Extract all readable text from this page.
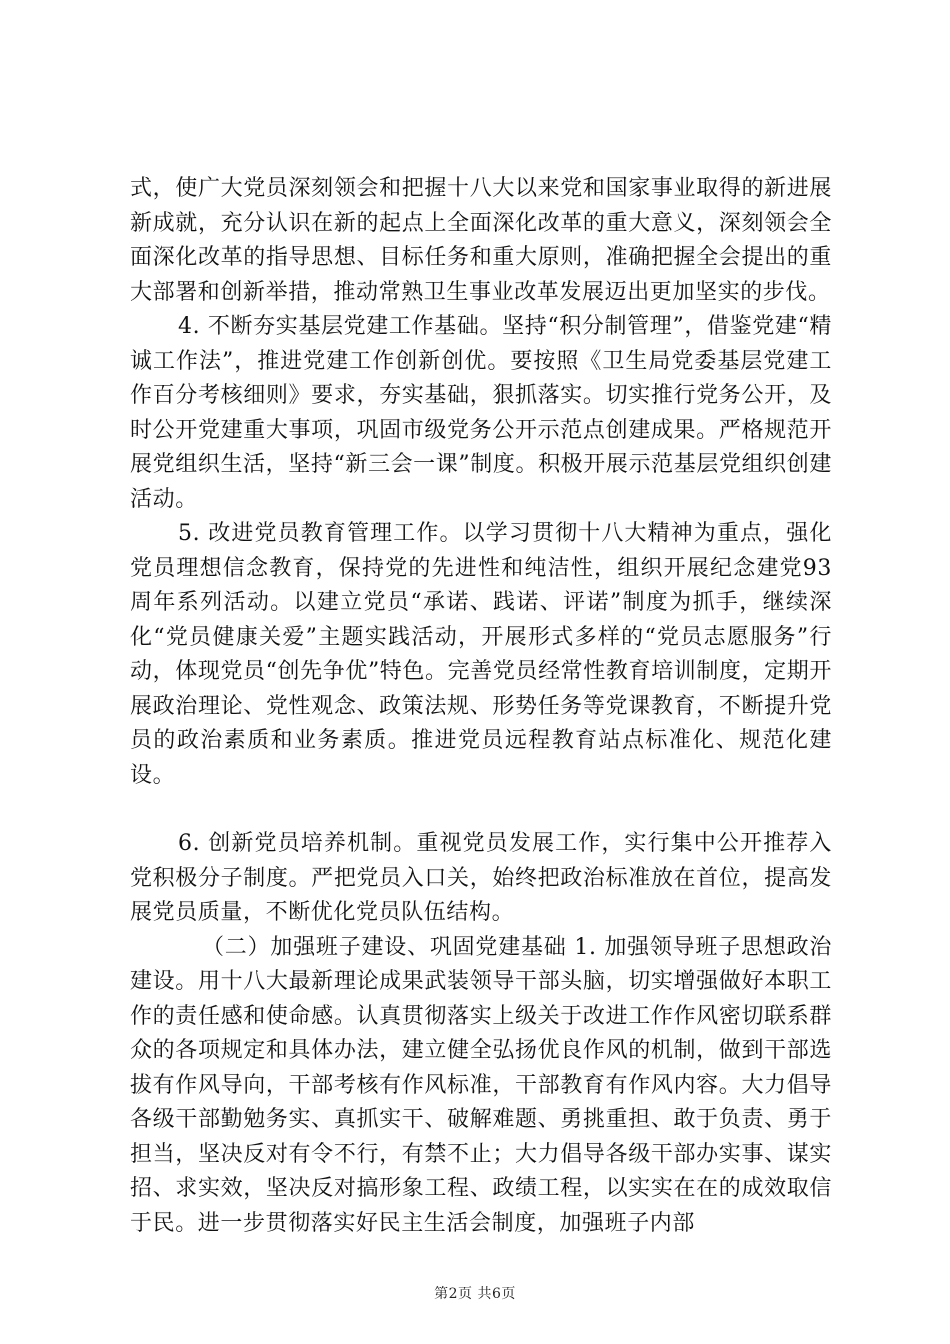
式，使广大党员深刻领会和把握十八大以来党和国家事业取得的新进展新成就，充分认识在新的起点上全面深化改革的重大意义，深刻领会全面深化改革的指导思想、目标任务和重大原则，准确把握全会提出的重大部署和创新举措，推动常熟卫生事业改革发展迈出更加坚实的步伐。

4. 不断夯实基层党建工作基础。坚持“积分制管理”，借鉴党建“精诚工作法”，推进党建工作创新创优。要按照《卫生局党委基层党建工作百分考核细则》要求，夯实基础，狠抓落实。切实推行党务公开，及时公开党建重大事项，巩固市级党务公开示范点创建成果。严格规范开展党组织生活，坚持“新三会一课”制度。积极开展示范基层党组织创建活动。

5. 改进党员教育管理工作。以学习贯彻十八大精神为重点，强化党员理想信念教育，保持党的先进性和纯洁性，组织开展纪念建党93周年系列活动。以建立党员“承诺、践诺、评诺”制度为抓手，继续深化“党员健康关爱”主题实践活动，开展形式多样的“党员志愿服务”行动，体现党员“创先争优”特色。完善党员经常性教育培训制度，定期开展政治理论、党性观念、政策法规、形势任务等党课教育，不断提升党员的政治素质和业务素质。推进党员远程教育站点标准化、规范化建设。

6. 创新党员培养机制。重视党员发展工作，实行集中公开推荐入党积极分子制度。严把党员入口关，始终把政治标准放在首位，提高发展党员质量，不断优化党员队伍结构。

（二）加强班子建设、巩固党建基础 1. 加强领导班子思想政治建设。用十八大最新理论成果武装领导干部头脑，切实增强做好本职工作的责任感和使命感。认真贯彻落实上级关于改进工作作风密切联系群众的各项规定和具体办法，建立健全弘扬优良作风的机制，做到干部选拔有作风导向，干部考核有作风标准，干部教育有作风内容。大力倡导各级干部勤勉务实、真抓实干、破解难题、勇挑重担、敢于负责、勇于担当，坚决反对有令不行，有禁不止；大力倡导各级干部办实事、谋实招、求实效，坚决反对搞形象工程、政绩工程，以实实在在的成效取信于民。进一步贯彻落实好民主生活会制度，加强班子内部

第2页 共6页
